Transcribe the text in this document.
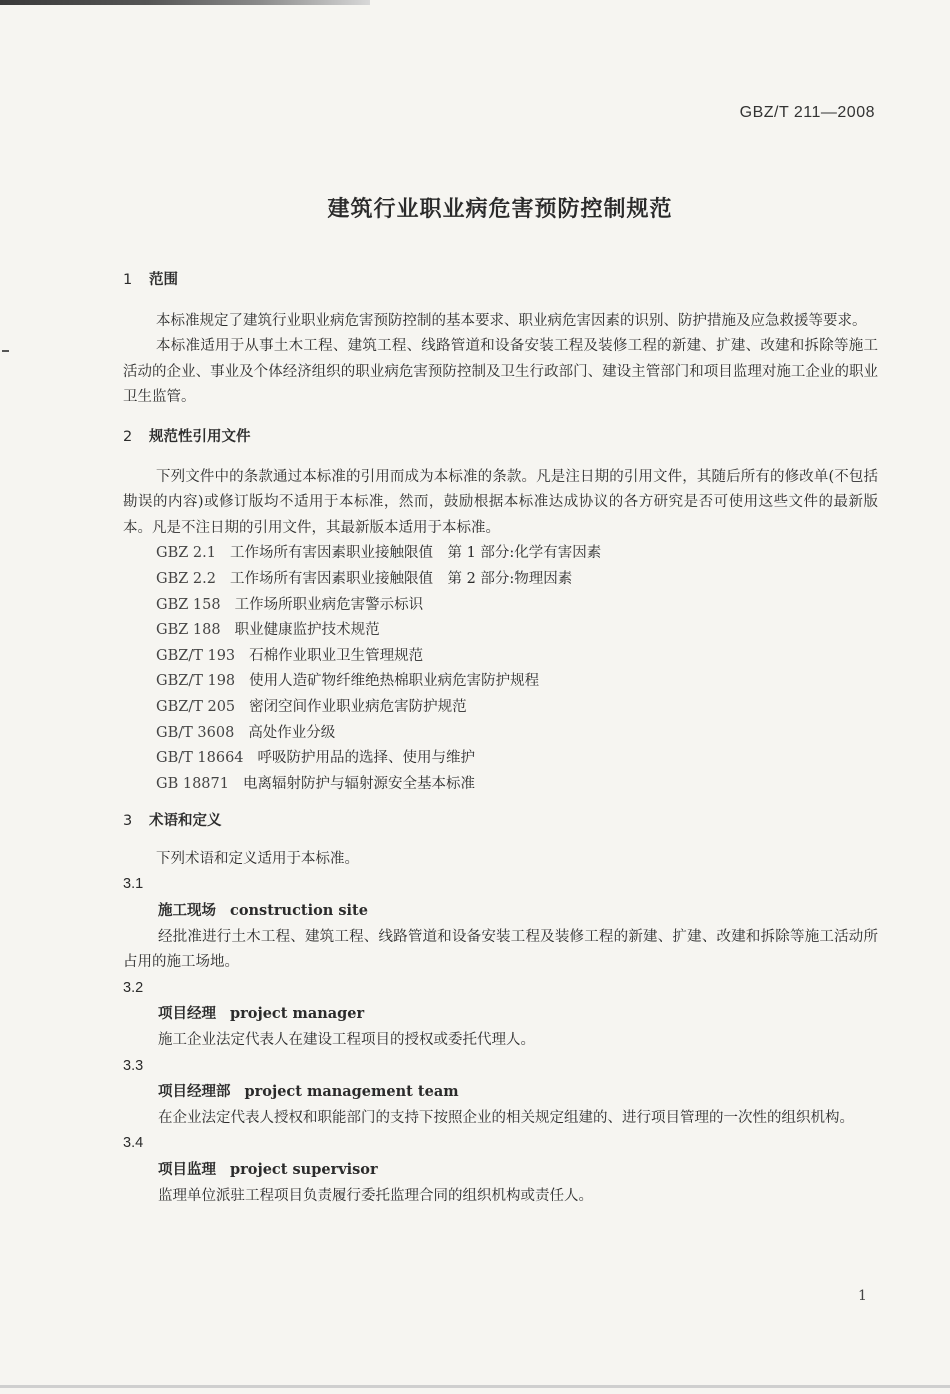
GBZ/T 211—2008
建筑行业职业病危害预防控制规范
1 范围

本标准规定了建筑行业职业病危害预防控制的基本要求、职业病危害因素的识别、防护措施及应急救援等要求。

本标准适用于从事土木工程、建筑工程、线路管道和设备安装工程及装修工程的新建、扩建、改建和拆除等施工活动的企业、事业及个体经济组织的职业病危害预防控制及卫生行政部门、建设主管部门和项目监理对施工企业的职业卫生监管。

2 规范性引用文件

下列文件中的条款通过本标准的引用而成为本标准的条款。凡是注日期的引用文件，其随后所有的修改单(不包括勘误的内容)或修订版均不适用于本标准，然而，鼓励根据本标准达成协议的各方研究是否可使用这些文件的最新版本。凡是不注日期的引用文件，其最新版本适用于本标准。

GBZ 2.1 工作场所有害因素职业接触限值　第 1 部分:化学有害因素
GBZ 2.2 工作场所有害因素职业接触限值　第 2 部分:物理因素
GBZ 158 工作场所职业病危害警示标识
GBZ 188 职业健康监护技术规范
GBZ/T 193 石棉作业职业卫生管理规范
GBZ/T 198 使用人造矿物纤维绝热棉职业病危害防护规程
GBZ/T 205 密闭空间作业职业病危害防护规范
GB/T 3608 高处作业分级
GB/T 18664 呼吸防护用品的选择、使用与维护
GB 18871 电离辐射防护与辐射源安全基本标准
3 术语和定义

下列术语和定义适用于本标准。

3.1
施工现场 construction site

经批准进行土木工程、建筑工程、线路管道和设备安装工程及装修工程的新建、扩建、改建和拆除等施工活动所占用的施工场地。

3.2
项目经理 project manager

施工企业法定代表人在建设工程项目的授权或委托代理人。

3.3
项目经理部 project management team

在企业法定代表人授权和职能部门的支持下按照企业的相关规定组建的、进行项目管理的一次性的组织机构。

3.4
项目监理 project supervisor

监理单位派驻工程项目负责履行委托监理合同的组织机构或责任人。

1
